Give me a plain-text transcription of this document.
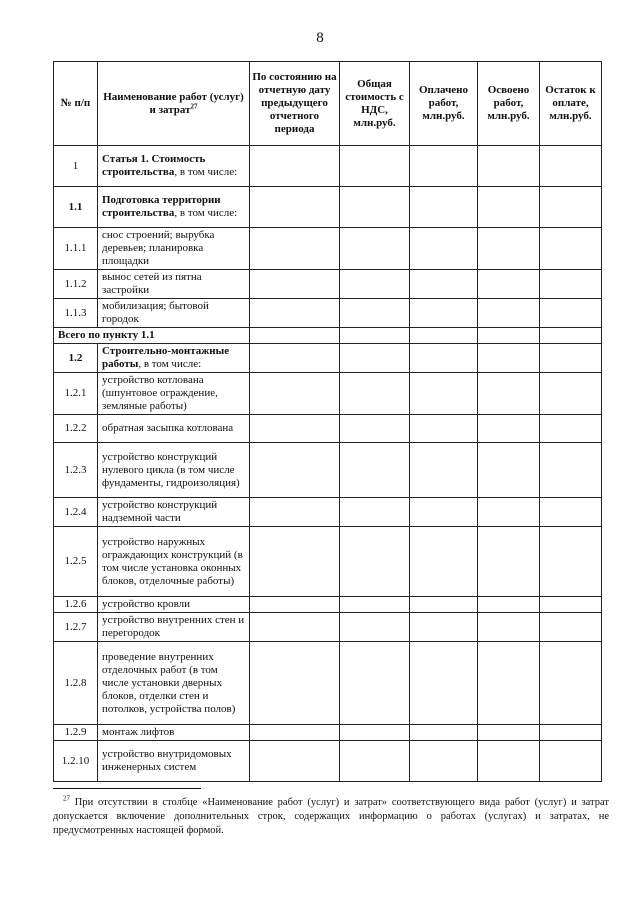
8
№ п/п	Наименование работ (услуг) и затрат$^{27}$	По состоянию на отчетную дату предыдущего отчетного периода	Общая стоимость с НДС, млн.руб.	Оплачено работ, млн.руб.	Освоено работ, млн.руб.	Остаток к оплате, млн.руб.
1	Статья 1. Стоимость строительства, в том числе:					
1.1	Подготовка территории строительства, в том числе:					
1.1.1	снос строений; вырубка деревьев; планировка площадки					
1.1.2	вынос сетей из пятна застройки					
1.1.3	мобилизация; бытовой городок					
Всего по пункту 1.1						
1.2	Строительно-монтажные работы, в том числе:					
1.2.1	устройство котлована (шпунтовое ограждение, земляные работы)					
1.2.2	обратная засыпка котлована					
1.2.3	устройство конструкций нулевого цикла (в том числе фундаменты, гидроизоляция)					
1.2.4	устройство конструкций надземной части					
1.2.5	устройство наружных ограждающих конструкций (в том числе установка оконных блоков, отделочные работы)					
1.2.6	устройство кровли					
1.2.7	устройство внутренних стен и перегородок					
1.2.8	проведение внутренних отделочных работ (в том числе установки дверных блоков, отделки стен и потолков, устройства полов)					
1.2.9	монтаж лифтов					
1.2.10	устройство внутридомовых инженерных систем					
$^{27}$ При отсутствии в столбце «Наименование работ (услуг) и затрат» соответствующего вида работ (услуг) и затрат допускается включение дополнительных строк, содержащих информацию о работах (услугах) и затратах, не предусмотренных настоящей формой.
